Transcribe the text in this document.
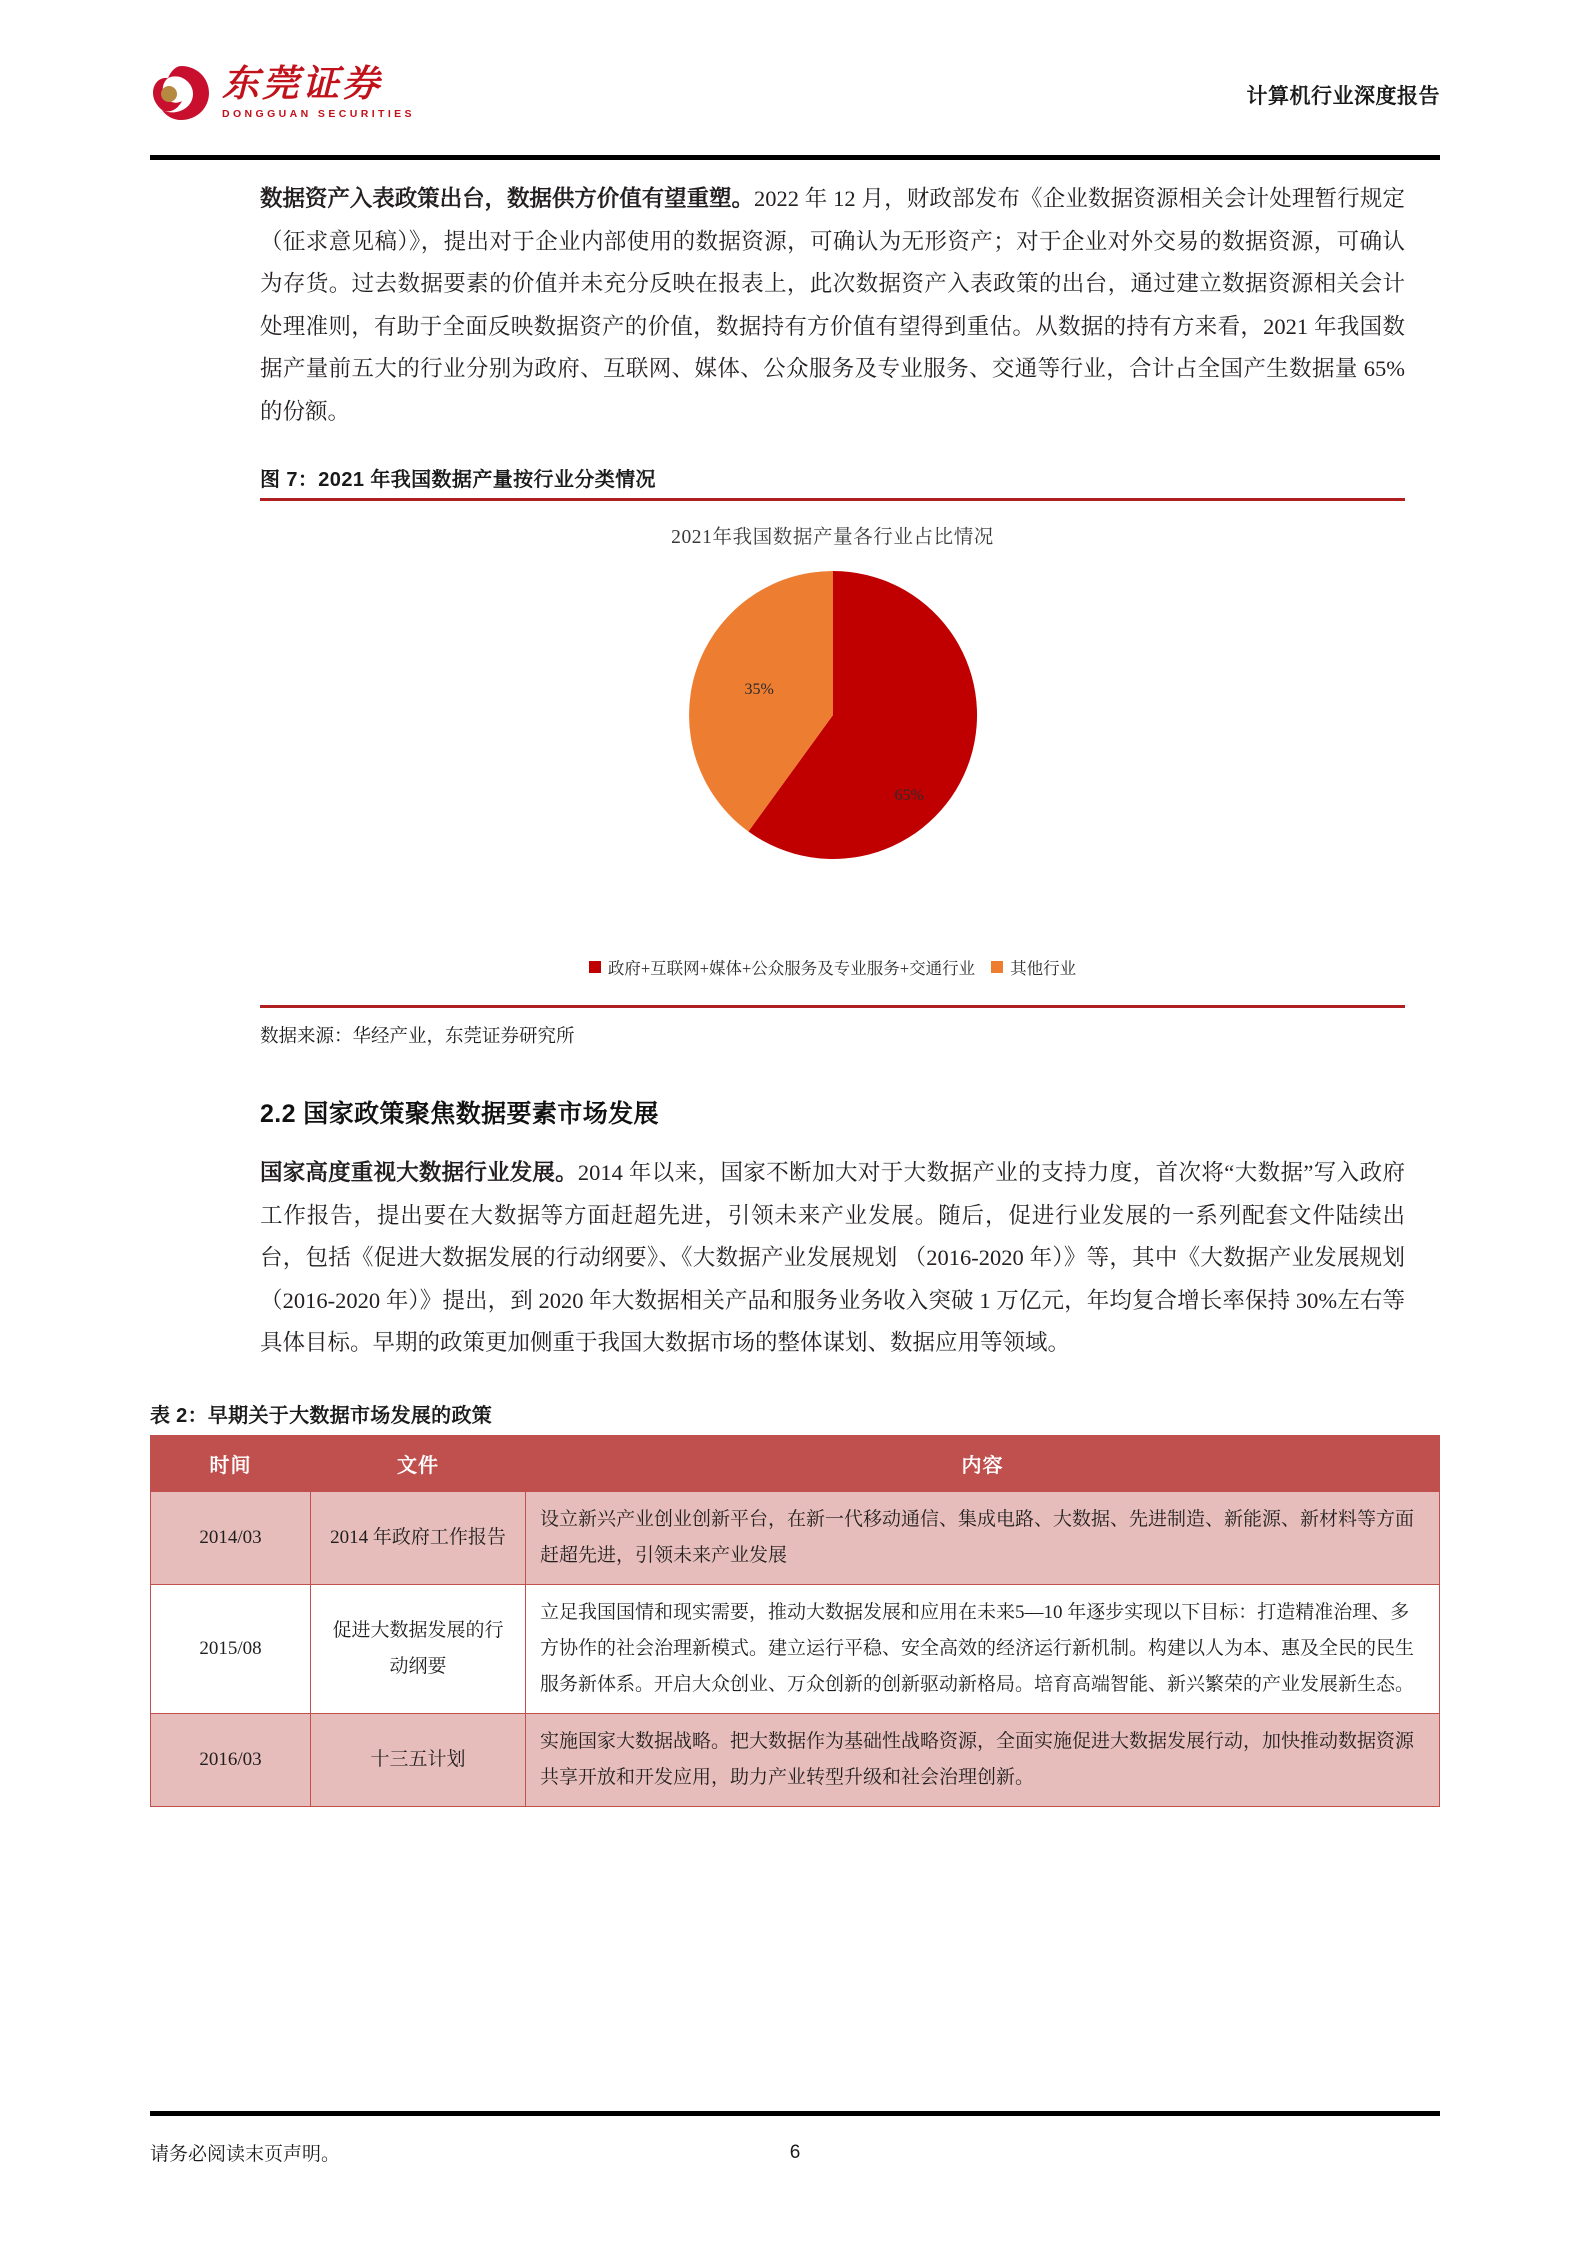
东莞证券
DONGGUAN SECURITIES
计算机行业深度报告

数据资产入表政策出台，数据供方价值有望重塑。2022 年 12 月，财政部发布《企业数据资源相关会计处理暂行规定（征求意见稿）》，提出对于企业内部使用的数据资源，可确认为无形资产；对于企业对外交易的数据资源，可确认为存货。过去数据要素的价值并未充分反映在报表上，此次数据资产入表政策的出台，通过建立数据资源相关会计处理准则，有助于全面反映数据资产的价值，数据持有方价值有望得到重估。从数据的持有方来看，2021 年我国数据产量前五大的行业分别为政府、互联网、媒体、公众服务及专业服务、交通等行业，合计占全国产生数据量 65%的份额。

图 7：2021 年我国数据产量按行业分类情况
2021年我国数据产量各行业占比情况
35%
65%
政府+互联网+媒体+公众服务及专业服务+交通行业 其他行业
数据来源：华经产业，东莞证券研究所
2.2 国家政策聚焦数据要素市场发展

国家高度重视大数据行业发展。2014 年以来，国家不断加大对于大数据产业的支持力度，首次将“大数据”写入政府工作报告，提出要在大数据等方面赶超先进，引领未来产业发展。随后，促进行业发展的一系列配套文件陆续出台，包括《促进大数据发展的行动纲要》、《大数据产业发展规划 （2016-2020 年）》等，其中《大数据产业发展规划（2016-2020 年）》提出，到 2020 年大数据相关产品和服务业务收入突破 1 万亿元，年均复合增长率保持 30%左右等具体目标。早期的政策更加侧重于我国大数据市场的整体谋划、数据应用等领域。

表 2：早期关于大数据市场发展的政策
时间	文件	内容
2014/03	2014 年政府工作报告	设立新兴产业创业创新平台，在新一代移动通信、集成电路、大数据、先进制造、新能源、新材料等方面赶超先进，引领未来产业发展
2015/08	促进大数据发展的行动纲要	立足我国国情和现实需要，推动大数据发展和应用在未来5—10 年逐步实现以下目标：打造精准治理、多方协作的社会治理新模式。建立运行平稳、安全高效的经济运行新机制。构建以人为本、惠及全民的民生服务新体系。开启大众创业、万众创新的创新驱动新格局。培育高端智能、新兴繁荣的产业发展新生态。
2016/03	十三五计划	实施国家大数据战略。把大数据作为基础性战略资源，全面实施促进大数据发展行动，加快推动数据资源共享开放和开发应用，助力产业转型升级和社会治理创新。
请务必阅读末页声明。	6
